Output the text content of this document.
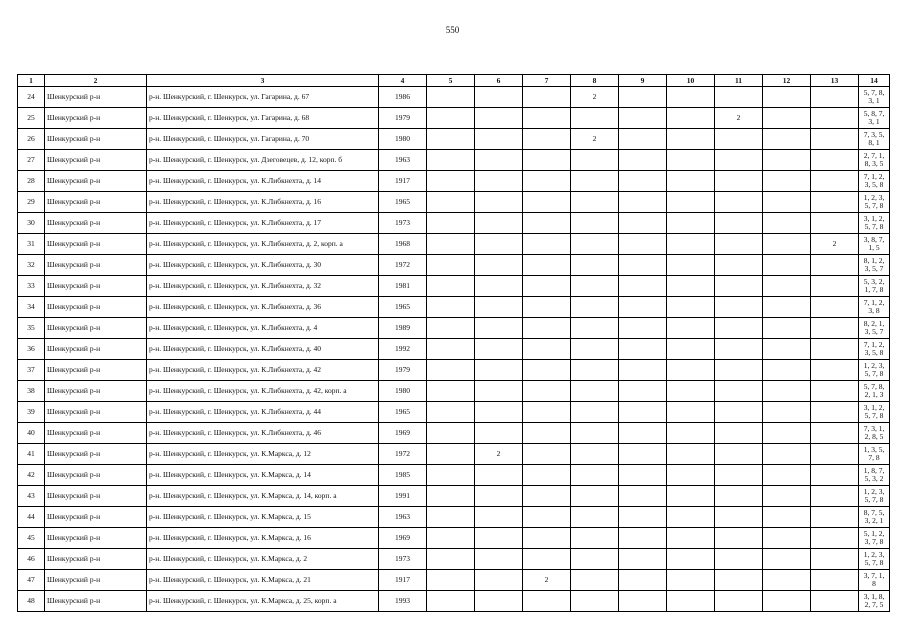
550
1	2	3	4	5	6	7	8	9	10	11	12	13	14
24	Шенкурский р-н	р-н. Шенкурский, г. Шенкурск, ул. Гагарина, д. 67	1986				2						5, 7, 8, 3, 1
25	Шенкурский р-н	р-н. Шенкурский, г. Шенкурск, ул. Гагарина, д. 68	1979							2			5, 8, 7, 3, 1
26	Шенкурский р-н	р-н. Шенкурский, г. Шенкурск, ул. Гагарина, д. 70	1980				2						7, 3, 5, 8, 1
27	Шенкурский р-н	р-н. Шенкурский, г. Шенкурск, ул. Дзеговецев, д. 12, корп. б	1963										2, 7, 1, 8, 3, 5
28	Шенкурский р-н	р-н. Шенкурский, г. Шенкурск, ул. К.Либкнехта, д. 14	1917										7, 1, 2, 3, 5, 8
29	Шенкурский р-н	р-н. Шенкурский, г. Шенкурск, ул. К.Либкнехта, д. 16	1965										1, 2, 3, 5, 7, 8
30	Шенкурский р-н	р-н. Шенкурский, г. Шенкурск, ул. К.Либкнехта, д. 17	1973										3, 1, 2, 5, 7, 8
31	Шенкурский р-н	р-н. Шенкурский, г. Шенкурск, ул. К.Либкнехта, д. 2, корп. а	1968									2	3, 8, 7, 1, 5
32	Шенкурский р-н	р-н. Шенкурский, г. Шенкурск, ул. К.Либкнехта, д. 30	1972										8, 1, 2, 3, 5, 7
33	Шенкурский р-н	р-н. Шенкурский, г. Шенкурск, ул. К.Либкнехта, д. 32	1981										5, 3, 2, 1, 7, 8
34	Шенкурский р-н	р-н. Шенкурский, г. Шенкурск, ул. К.Либкнехта, д. 36	1965										7, 1, 2, 3, 8
35	Шенкурский р-н	р-н. Шенкурский, г. Шенкурск, ул. К.Либкнехта, д. 4	1989										8, 2, 1, 3, 5, 7
36	Шенкурский р-н	р-н. Шенкурский, г. Шенкурск, ул. К.Либкнехта, д. 40	1992										7, 1, 2, 3, 5, 8
37	Шенкурский р-н	р-н. Шенкурский, г. Шенкурск, ул. К.Либкнехта, д. 42	1979										1, 2, 3, 5, 7, 8
38	Шенкурский р-н	р-н. Шенкурский, г. Шенкурск, ул. К.Либкнехта, д. 42, корп. а	1980										5, 7, 8, 2, 1, 3
39	Шенкурский р-н	р-н. Шенкурский, г. Шенкурск, ул. К.Либкнехта, д. 44	1965										3, 1, 2, 5, 7, 8
40	Шенкурский р-н	р-н. Шенкурский, г. Шенкурск, ул. К.Либкнехта, д. 46	1969										7, 3, 1, 2, 8, 5
41	Шенкурский р-н	р-н. Шенкурский, г. Шенкурск, ул. К.Маркса, д. 12	1972		2								1, 3, 5, 7, 8
42	Шенкурский р-н	р-н. Шенкурский, г. Шенкурск, ул. К.Маркса, д. 14	1985										1, 8, 7, 5, 3, 2
43	Шенкурский р-н	р-н. Шенкурский, г. Шенкурск, ул. К.Маркса, д. 14, корп. а	1991										1, 2, 3, 5, 7, 8
44	Шенкурский р-н	р-н. Шенкурский, г. Шенкурск, ул. К.Маркса, д. 15	1963										8, 7, 5, 3, 2, 1
45	Шенкурский р-н	р-н. Шенкурский, г. Шенкурск, ул. К.Маркса, д. 16	1969										5, 1, 2, 3, 7, 8
46	Шенкурский р-н	р-н. Шенкурский, г. Шенкурск, ул. К.Маркса, д. 2	1973										1, 2, 3, 5, 7, 8
47	Шенкурский р-н	р-н. Шенкурский, г. Шенкурск, ул. К.Маркса, д. 21	1917			2							3, 7, 1, 8
48	Шенкурский р-н	р-н. Шенкурский, г. Шенкурск, ул. К.Маркса, д. 25, корп. а	1993										3, 1, 8, 2, 7, 5
